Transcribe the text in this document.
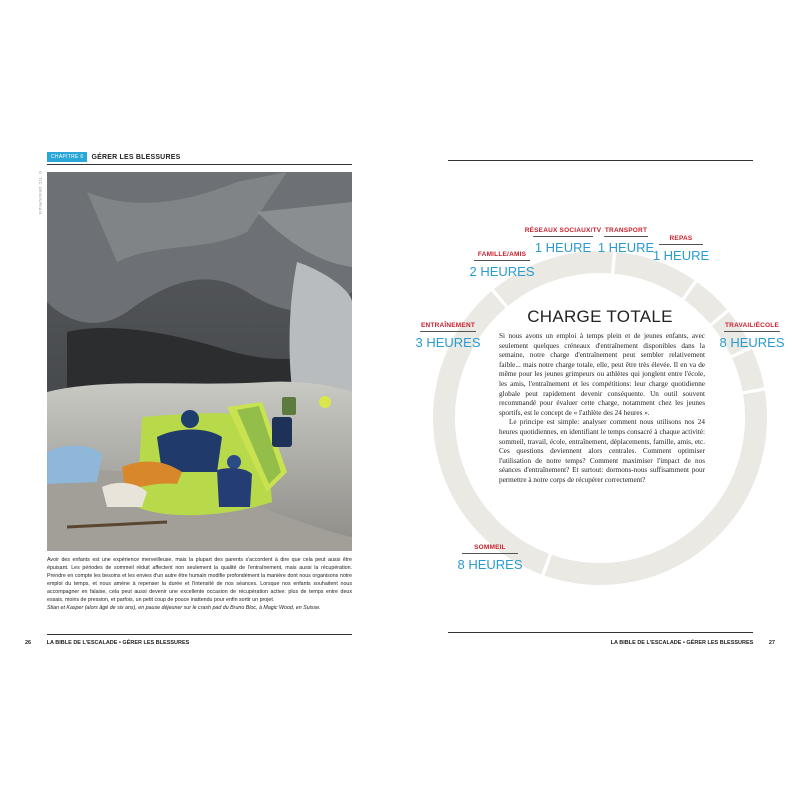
CHAPITRE 6	GÉRER LES BLESSURES
© TIC DENIS/RIAN
Avoir des enfants est une expérience merveilleuse, mais la plupart des parents s'accordent à dire que cela peut aussi être épuisant. Les périodes de sommeil réduit affectent non seulement la qualité de l'entraînement, mais aussi la récupération. Prendre en compte les besoins et les envies d'un autre être humain modifie profondément la manière dont nous organisons notre emploi du temps, et nous amène à repenser la durée et l'intensité de nos séances. Lorsque nos enfants souhaitent nous accompagner en falaise, cela peut aussi devenir une excellente occasion de récupération active: plus de temps entre deux essais, moins de pression, et parfois, un petit coup de pouce inattendu pour enfin sortir un projet.
Stian et Kasper (alors âgé de six ans), en pause déjeuner sur le crash pad du Bruno Bloc, à Magic Wood, en Suisse.
26	LA BIBLE DE L'ESCALADE • GÉRER LES BLESSURES
CHARGE TOTALE

Si nous avons un emploi à temps plein et de jeunes enfants, avec seulement quelques créneaux d'entraînement disponibles dans la semaine, notre charge d'entraînement peut sembler relativement faible... mais notre charge totale, elle, peut être très élevée. Il en va de même pour les jeunes grimpeurs ou athlètes qui jonglent entre l'école, les amis, l'entraînement et les compétitions: leur charge quotidienne globale peut rapidement devenir conséquente. Un outil souvent recommandé pour évaluer cette charge, notamment chez les jeunes sportifs, est le concept de « l'athlète des 24 heures ».

Le principe est simple: analyser comment nous utilisons nos 24 heures quotidiennes, en identifiant le temps consacré à chaque activité: sommeil, travail, école, entraînement, déplacements, famille, amis, etc. Ces questions deviennent alors centrales. Comment optimiser l'utilisation de notre temps? Comment maximiser l'impact de nos séances d'entraînement? Et surtout: dormons-nous suffisamment pour permettre à notre corps de récupérer correctement?

SOMMEIL
8 HEURES
ENTRAÎNEMENT
3 HEURES
FAMILLE/AMIS
2 HEURES
RÉSEAUX SOCIAUX/TV
1 HEURE
TRANSPORT
1 HEURE
REPAS
1 HEURE
TRAVAIL/ÉCOLE
8 HEURES
LA BIBLE DE L'ESCALADE • GÉRER LES BLESSURES	27
